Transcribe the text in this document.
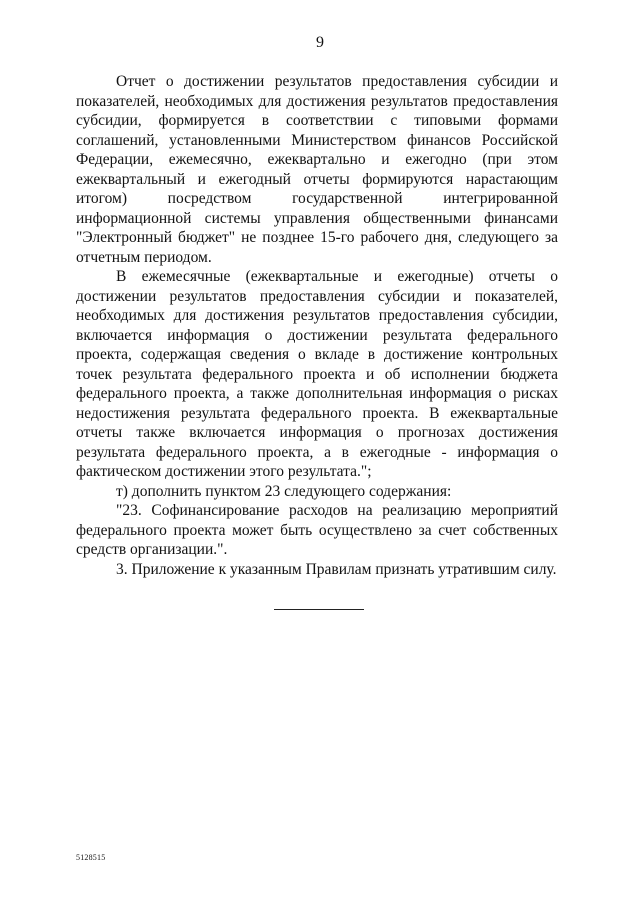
9

Отчет о достижении результатов предоставления субсидии и показателей, необходимых для достижения результатов предоставления субсидии, формируется в соответствии с типовыми формами соглашений, установленными Министерством финансов Российской Федерации, ежемесячно, ежеквартально и ежегодно (при этом ежеквартальный и ежегодный отчеты формируются нарастающим итогом) посредством государственной интегрированной информационной системы управления общественными финансами "Электронный бюджет" не позднее 15-го рабочего дня, следующего за отчетным периодом.

В ежемесячные (ежеквартальные и ежегодные) отчеты о достижении результатов предоставления субсидии и показателей, необходимых для достижения результатов предоставления субсидии, включается информация о достижении результата федерального проекта, содержащая сведения о вкладе в достижение контрольных точек результата федерального проекта и об исполнении бюджета федерального проекта, а также дополнительная информация о рисках недостижения результата федерального проекта. В ежеквартальные отчеты также включается информация о прогнозах достижения результата федерального проекта, а в ежегодные - информация о фактическом достижении этого результата.";

т) дополнить пунктом 23 следующего содержания:

"23. Софинансирование расходов на реализацию мероприятий федерального проекта может быть осуществлено за счет собственных средств организации.".

3. Приложение к указанным Правилам признать утратившим силу.

5128515
